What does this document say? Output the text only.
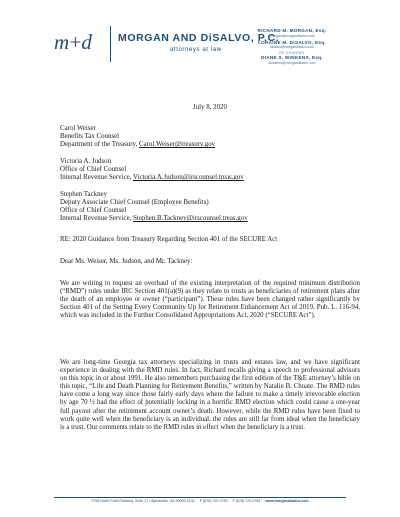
m+d	MORGAN AND DiSALVO, P.C.
attorneys at law
RICHARD M. MORGAN, Esq.
rmorgan@morgandisalvo.com
LORAINE M. DiSALVO, Esq.
ldisalvo@morgandisalvo.com
OF COUNSEL
DIANE S. WINKENS, Esq.
dwinkens@morgandisalvo.com
July 8, 2020
Carol Weiser
Benefits Tax Counsel
Department of the Treasury, Carol.Weiser@treasury.gov
Victoria A. Judson
Office of Chief Counsel
Internal Revenue Service, Victoria.A.Judson@irscounsel.treas.gov
Stephen Tackney
Deputy Associate Chief Counsel (Employee Benefits)
Office of Chief Counsel
Internal Revenue Service, Stephen.B.Tackney@irscounsel.treas.gov
RE: 2020 Guidance from Treasury Regarding Section 401 of the SECURE Act
Dear Ms. Weiser, Ms. Judson, and Mr. Tackney:
We are writing to request an overhaul of the existing interpretation of the required minimum distribution (“RMD”) rules under IRC Section 401(a)(9) as they relate to trusts as beneficiaries of retirement plans after the death of an employee or owner (“participant”). These rules have been changed rather significantly by Section 401 of the Setting Every Community Up for Retirement Enhancement Act of 2019, Pub. L. 116-94, which was included in the Further Consolidated Appropriations Act, 2020 (“SECURE Act”).
We are long-time Georgia tax attorneys specializing in trusts and estates law, and we have significant experience in dealing with the RMD rules. In fact, Richard recalls giving a speech to professional advisors on this topic in or about 1991. He also remembers purchasing the first edition of the T&E attorney’s bible on this topic, “Life and Death Planning for Retirement Benefits,” written by Natalie B. Choate. The RMD rules have come a long way since those fairly early days where the failure to make a timely irrevocable election by age 70 ½ had the effect of potentially locking in a horrific RMD election which could cause a one-year full payout after the retirement account owner’s death. However, while the RMD rules have been fixed to work quite well when the beneficiary is an individual, the rules are still far from ideal when the beneficiary is a trust. Our comments relate to the RMD rules in effect when the beneficiary is a trust.
3755 North Point Parkway, Suite 17 • Alpharetta, GA 30005-2143 P (678) 720-0750 F (678) 720-0784 www.morgandisalvo.com
